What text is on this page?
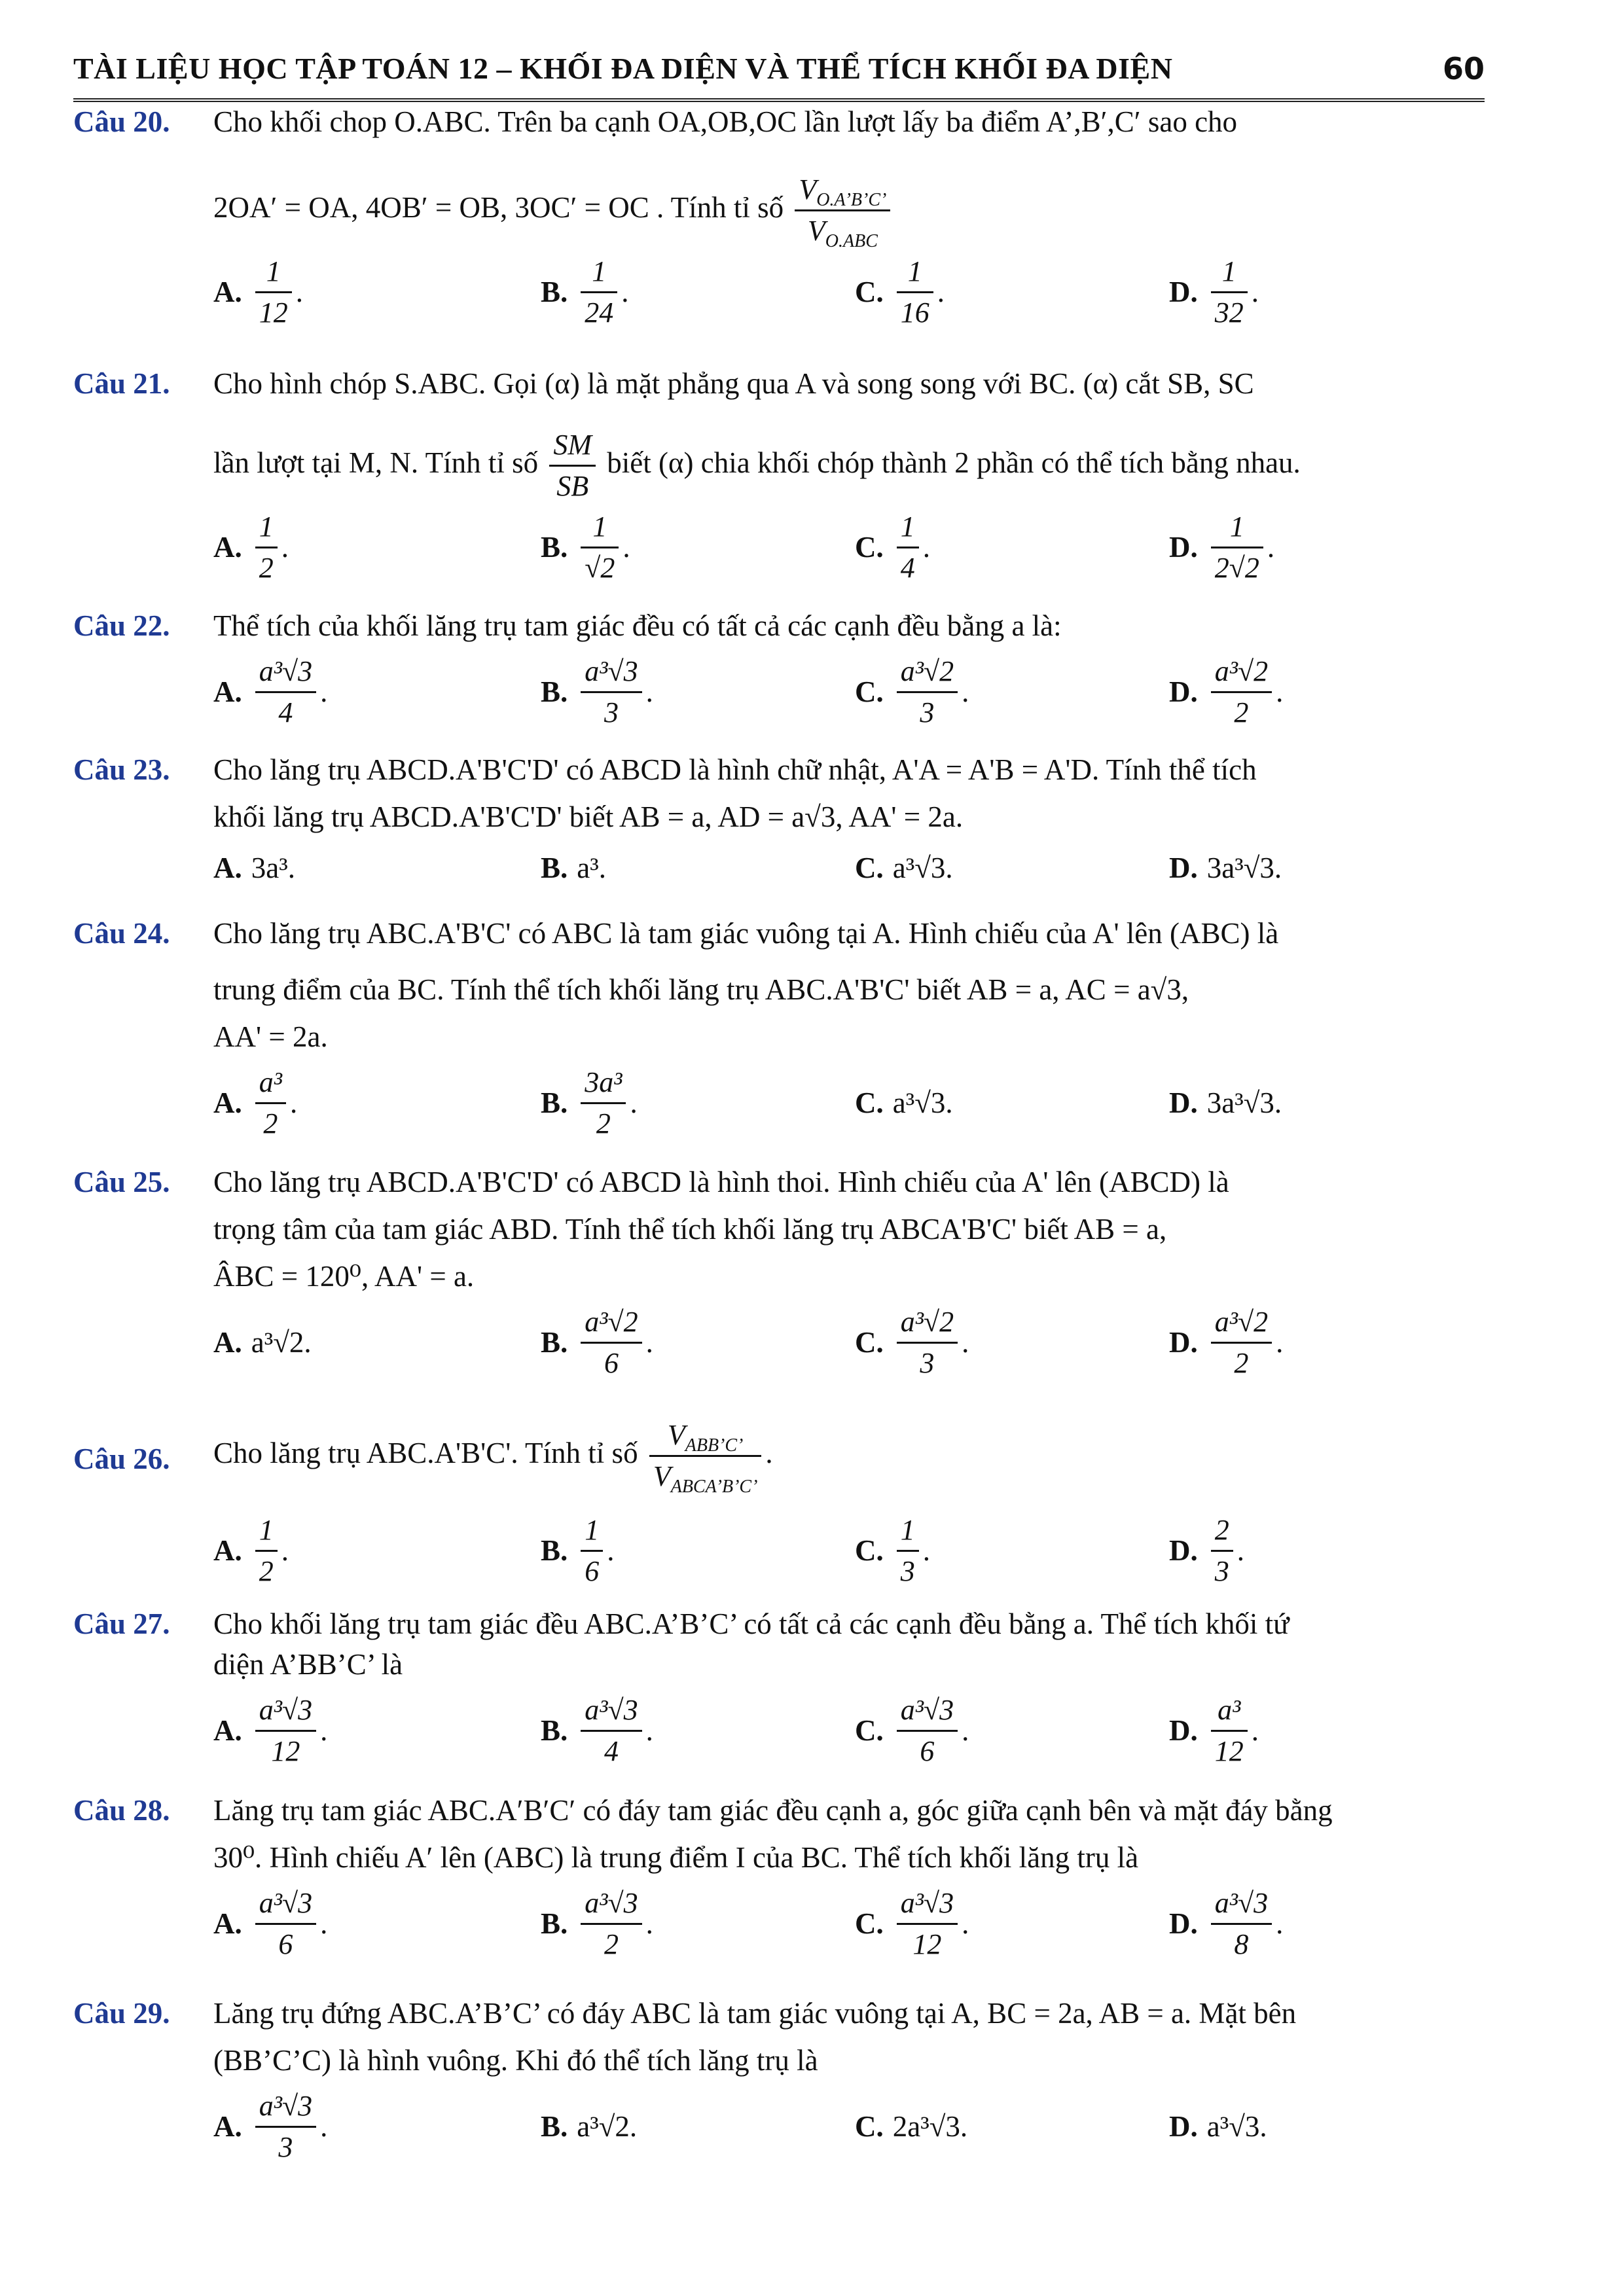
TÀI LIỆU HỌC TẬP TOÁN 12 – KHỐI ĐA DIỆN VÀ THỂ TÍCH KHỐI ĐA DIỆN	60
Câu 20. Cho khối chop O.ABC. Trên ba cạnh OA,OB,OC lần lượt lấy ba điểm A’,B′,C′ sao cho
2OA′ = OA, 4OB′ = OB, 3OC′ = OC . Tính tỉ số $\frac{V_{O.A’B’C’}}{V_{O.ABC}}$
A. $\frac{1}{12}$ .	B. $\frac{1}{24}$ .	C. $\frac{1}{16}$ .	D. $\frac{1}{32}$ .
Câu 21. Cho hình chóp S.ABC. Gọi (α) là mặt phẳng qua A và song song với BC. (α) cắt SB, SC
lần lượt tại M, N. Tính tỉ số $\frac{SM}{SB}$ biết (α) chia khối chóp thành 2 phần có thể tích bằng nhau.
A. $\frac{1}{2}$ .	B. $\frac{1}{√2}$ .	C. $\frac{1}{4}$ .	D. $\frac{1}{2√2}$ .
Câu 22. Thể tích của khối lăng trụ tam giác đều có tất cả các cạnh đều bằng a là:
A. $\frac{\text{a³√3}}{4}$ .	B. $\frac{\text{a³√3}}{3}$ .	C. $\frac{\text{a³√2}}{3}$ .	D. $\frac{\text{a³√2}}{2}$ .
Câu 23. Cho lăng trụ ABCD.A'B'C'D' có ABCD là hình chữ nhật, A'A = A'B = A'D. Tính thể tích
khối lăng trụ ABCD.A'B'C'D' biết AB = a, AD = a√3, AA' = 2a.
A. 3a³.	B. a³.	C. a³√3.	D. 3a³√3.
Câu 24. Cho lăng trụ ABC.A'B'C' có ABC là tam giác vuông tại A. Hình chiếu của A' lên (ABC) là
trung điểm của BC. Tính thể tích khối lăng trụ ABC.A'B'C' biết AB = a, AC = a√3,
AA' = 2a.
A. $\frac{\text{a³}}{2}$ .	B. $\frac{\text{3a³}}{2}$ .	C. a³√3.	D. 3a³√3.
Câu 25. Cho lăng trụ ABCD.A'B'C'D' có ABCD là hình thoi. Hình chiếu của A' lên (ABCD) là
trọng tâm của tam giác ABD. Tính thể tích khối lăng trụ ABCA'B'C' biết AB = a,
ÂBC = 120⁰, AA' = a.
A. a³√2.	B. $\frac{\text{a³√2}}{6}$ .	C. $\frac{\text{a³√2}}{3}$ .	D. $\frac{\text{a³√2}}{2}$ .
Câu 26. Cho lăng trụ ABC.A'B'C'. Tính tỉ số $\frac{V_{ABB’C’}}{V_{ABCA’B’C’}}$ .
A. $\frac{1}{2}$ .	B. $\frac{1}{6}$ .	C. $\frac{1}{3}$ .	D. $\frac{2}{3}$ .
Câu 27. Cho khối lăng trụ tam giác đều ABC.A’B’C’ có tất cả các cạnh đều bằng a. Thể tích khối tứ
diện A’BB’C’ là
A. $\frac{\text{a³√3}}{12}$ .	B. $\frac{\text{a³√3}}{4}$ .	C. $\frac{\text{a³√3}}{6}$ .	D. $\frac{\text{a³}}{12}$ .
Câu 28. Lăng trụ tam giác ABC.A′B′C′ có đáy tam giác đều cạnh a, góc giữa cạnh bên và mặt đáy bằng
30⁰. Hình chiếu A′ lên (ABC) là trung điểm I của BC. Thể tích khối lăng trụ là
A. $\frac{\text{a³√3}}{6}$ .	B. $\frac{\text{a³√3}}{2}$ .	C. $\frac{\text{a³√3}}{12}$ .	D. $\frac{\text{a³√3}}{8}$ .
Câu 29. Lăng trụ đứng ABC.A’B’C’ có đáy ABC là tam giác vuông tại A, BC = 2a, AB = a. Mặt bên
(BB’C’C) là hình vuông. Khi đó thể tích lăng trụ là
A. $\frac{\text{a³√3}}{3}$ .	B. a³√2.	C. 2a³√3.	D. a³√3.
